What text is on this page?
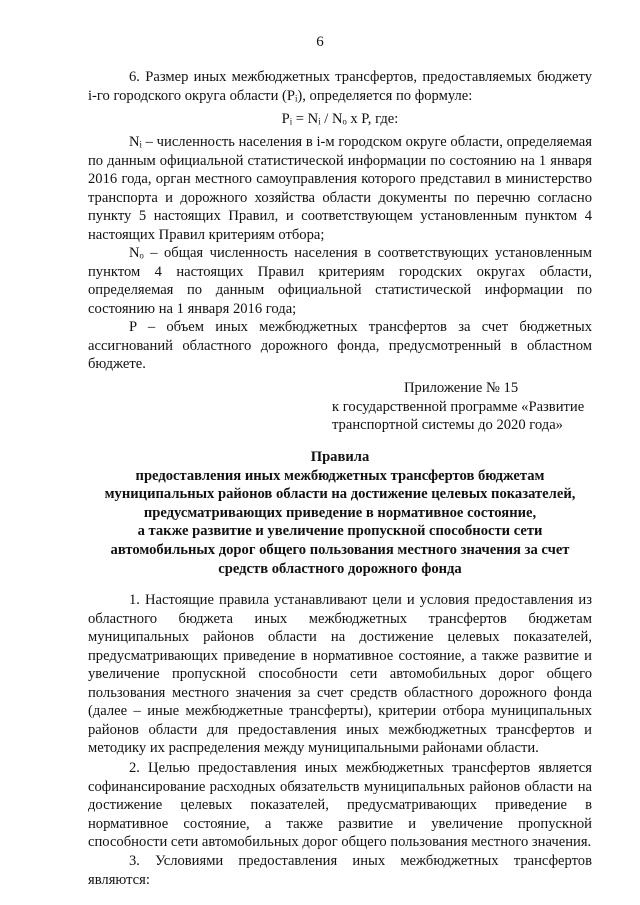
6

6. Размер иных межбюджетных трансфертов, предоставляемых бюджету i-го городского округа области (Pᵢ), определяется по формуле:

Pᵢ = Nᵢ / Nₒ x P, где:

Nᵢ – численность населения в i-м городском округе области, определяемая по данным официальной статистической информации по состоянию на 1 января 2016 года, орган местного самоуправления которого представил в министерство транспорта и дорожного хозяйства области документы по перечню согласно пункту 5 настоящих Правил, и соответствующем установленным пунктом 4 настоящих Правил критериям отбора;

Nₒ – общая численность населения в соответствующих установленным пунктом 4 настоящих Правил критериям городских округах области, определяемая по данным официальной статистической информации по состоянию на 1 января 2016 года;

P – объем иных межбюджетных трансфертов за счет бюджетных ассигнований областного дорожного фонда, предусмотренный в областном бюджете.

Приложение № 15

к государственной программе «Развитие

транспортной системы до 2020 года»

Правила

предоставления иных межбюджетных трансфертов бюджетам

муниципальных районов области на достижение целевых показателей,

предусматривающих приведение в нормативное состояние,

а также развитие и увеличение пропускной способности сети

автомобильных дорог общего пользования местного значения за счет

средств областного дорожного фонда

1. Настоящие правила устанавливают цели и условия предоставления из областного бюджета иных межбюджетных трансфертов бюджетам муниципальных районов области на достижение целевых показателей, предусматривающих приведение в нормативное состояние, а также развитие и увеличение пропускной способности сети автомобильных дорог общего пользования местного значения за счет средств областного дорожного фонда (далее – иные межбюджетные трансферты), критерии отбора муниципальных районов области для предоставления иных межбюджетных трансфертов и методику их распределения между муниципальными районами области.

2. Целью предоставления иных межбюджетных трансфертов является софинансирование расходных обязательств муниципальных районов области на достижение целевых показателей, предусматривающих приведение в нормативное состояние, а также развитие и увеличение пропускной способности сети автомобильных дорог общего пользования местного значения.

3. Условиями предоставления иных межбюджетных трансфертов являются:
